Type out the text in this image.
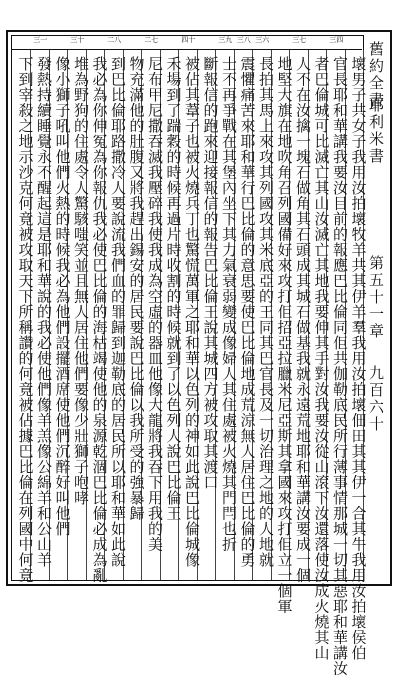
舊約全書
耶利米書
第五十一章
九百六十
三四
三七
三六
三八
三九
四十
二七
二八
三十
三一
壞男子共女子我用汝拍壞牧羊共其伊羊羣我用汝拍壞佃田其其伊一合其牛我用汝拍壞侯伯
官長耶和華講我要汝目前的報應巴比倫同佢共伽勒底民所行薄事情那城一切其惡耶和華講汝
者巴倫城可比滅亡其山汝滅亡其地我要伸其手對汝我要汝從山滾下汝還落使汝成火燒其山
人不在汝擒一塊石做角其石頭成其城石做基我就永遠荒地耶和華講汝要成一個
地堅大旗在地吹角召列國備好來攻打佢招亞拉臘米尼亞斯其拿國來攻打佢立一個軍
長拍其馬上來攻其列國攻其米底亞的王同其巴官長及一切治理之地的人地就
震懼痛苦來耶和華行巴比倫的意思要使巴比倫地成荒涼無人居住巴比倫的勇
士不再爭戰在其堡內坐下其力氣衰弱變成像婦人其住處被火燒其門閂也折
斷報信的跑來迎接報信的報告巴比倫王說其城四方被攻取其渡口
被佔其葦子也被火燒兵丁也驚慌萬軍之耶和華以色列的神如此說巴比倫城像
禾場到了踹穀的時候再過片時收割的時候就到了以色列人說巴比倫王
尼布甲尼撒吞滅我壓碎我使我成為空虛的器皿他像大龍將我吞下用我的美
物充滿他的肚腹又將我趕出錫安的居民要說巴比倫以我所受的強暴歸
到巴比倫耶路撒冷人要說流我們血的罪歸到迦勒底的居民所以耶和華如此說
我必為你伸冤為你報仇我必使巴比倫的海枯竭使他的泉源乾涸巴比倫必成為亂
堆為野狗的住處令人驚駭嗤笑並且無人居住他們要像少壯獅子咆哮
像小獅子吼叫他們火熱的時候我必為他們設擺酒席使他們沉醉好叫他們
發熱持續睡覺永不醒起這是耶和華說的我必使他們像羊羔像公綿羊和公山羊
下到宰殺之地示沙克何竟被攻取天下所稱讚的何竟被佔據巴比倫在列國中何竟
